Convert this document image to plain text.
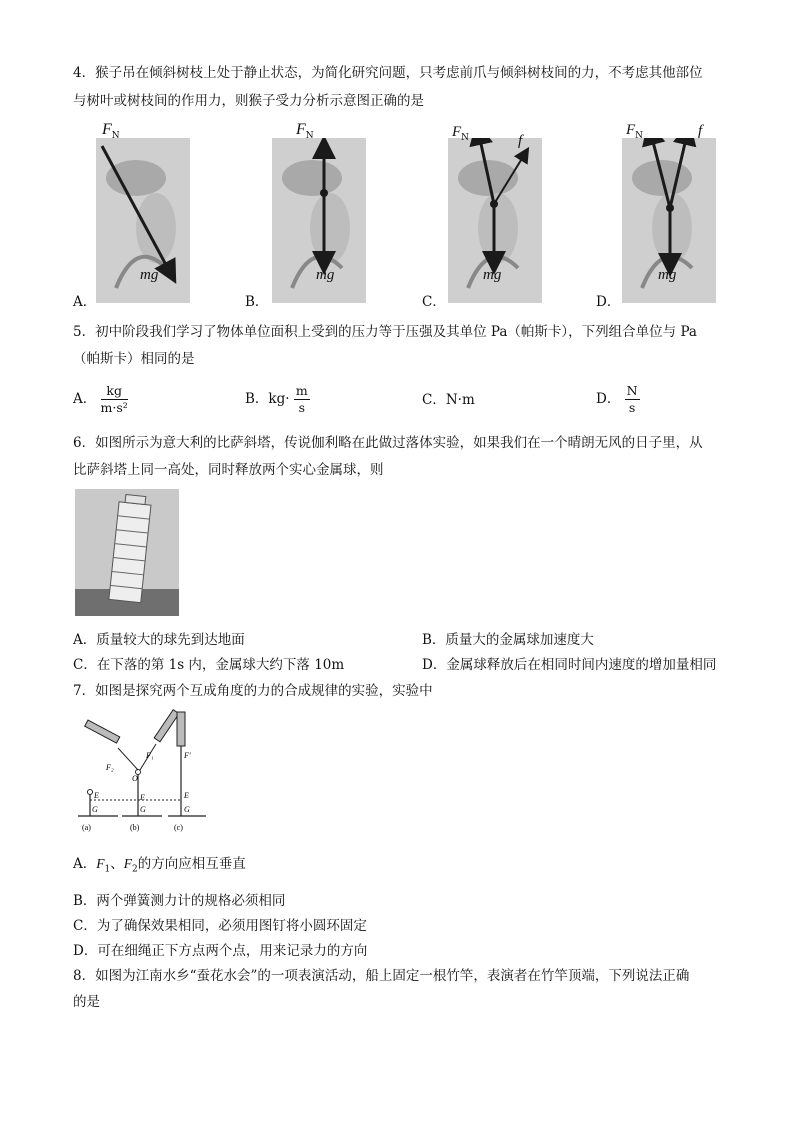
4．猴子吊在倾斜树枝上处于静止状态，为简化研究问题，只考虑前爪与倾斜树枝间的力，不考虑其他部位
与树叶或树枝间的作用力，则猴子受力分析示意图正确的是
$F_N$
mg
A．
$F_N$
mg
B．
$F_N$	f
mg
C．
$F_N$	f
mg
D．
5．初中阶段我们学习了物体单位面积上受到的压力等于压强及其单位 Pa（帕斯卡），下列组合单位与 Pa
（帕斯卡）相同的是
A． $\frac{kg}{\text{m·s²}}$	B．$kg\cdot \frac{m}{s}$	C．N·m	D． $\frac{N}{s}$
6．如图所示为意大利的比萨斜塔，传说伽利略在此做过落体实验，如果我们在一个晴朗无风的日子里，从
比萨斜塔上同一高处，同时释放两个实心金属球，则
A．质量较大的球先到达地面	B．质量大的金属球加速度大
C．在下落的第 1s 内，金属球大约下落 10m	D．金属球释放后在相同时间内速度的增加量相同
7．如图是探究两个互成角度的力的合成规律的实验，实验中
E
G
F₂
F₁
O
E
G
F'
E
G
(a)	(b)	(c)
A．$F_1$、$F_2$的方向应相互垂直
B．两个弹簧测力计的规格必须相同
C．为了确保效果相同，必须用图钉将小圆环固定
D．可在细绳正下方点两个点，用来记录力的方向
8．如图为江南水乡“蚕花水会”的一项表演活动，船上固定一根竹竿，表演者在竹竿顶端，下列说法正确
的是
